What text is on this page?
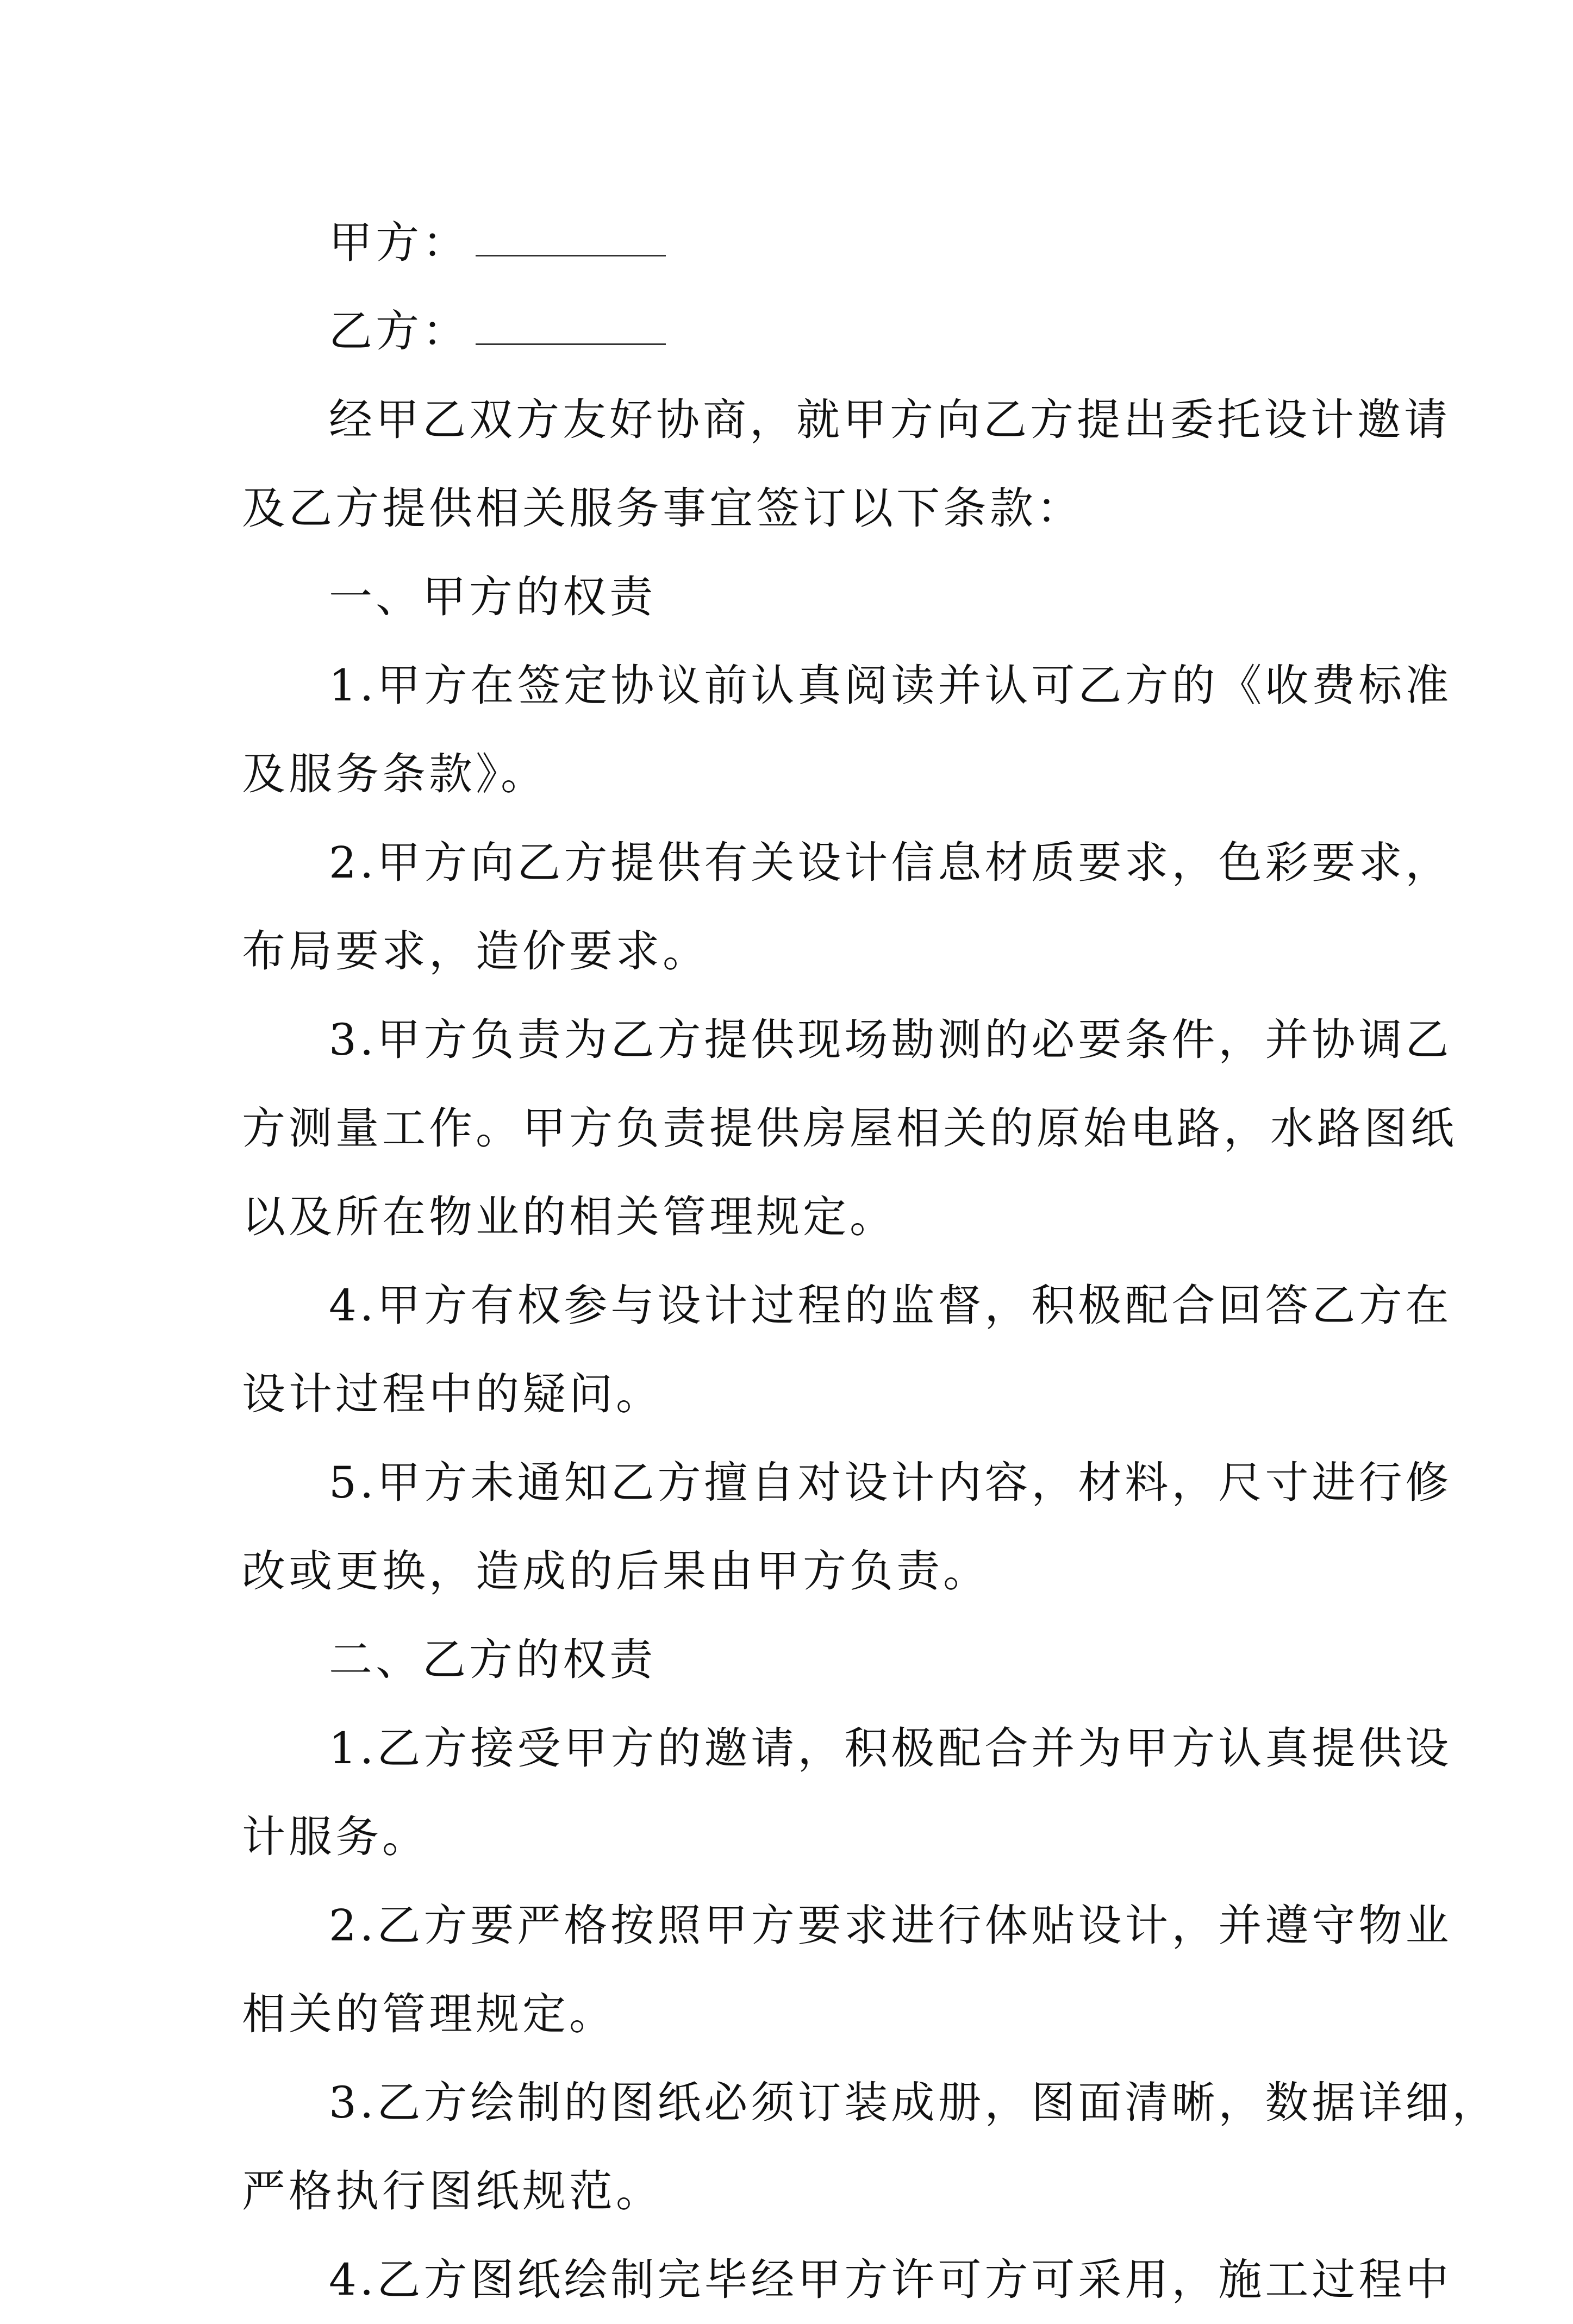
甲方：
乙方：
经甲乙双方友好协商，就甲方向乙方提出委托设计邀请
及乙方提供相关服务事宜签订以下条款：
一、甲方的权责
1.甲方在签定协议前认真阅读并认可乙方的《收费标准
及服务条款》。
2.甲方向乙方提供有关设计信息材质要求，色彩要求，
布局要求，造价要求。
3.甲方负责为乙方提供现场勘测的必要条件，并协调乙
方测量工作。甲方负责提供房屋相关的原始电路，水路图纸
以及所在物业的相关管理规定。
4.甲方有权参与设计过程的监督，积极配合回答乙方在
设计过程中的疑问。
5.甲方未通知乙方擅自对设计内容，材料，尺寸进行修
改或更换，造成的后果由甲方负责。
二、乙方的权责
1.乙方接受甲方的邀请，积极配合并为甲方认真提供设
计服务。
2.乙方要严格按照甲方要求进行体贴设计，并遵守物业
相关的管理规定。
3.乙方绘制的图纸必须订装成册，图面清晰，数据详细，
严格执行图纸规范。
4.乙方图纸绘制完毕经甲方许可方可采用，施工过程中
